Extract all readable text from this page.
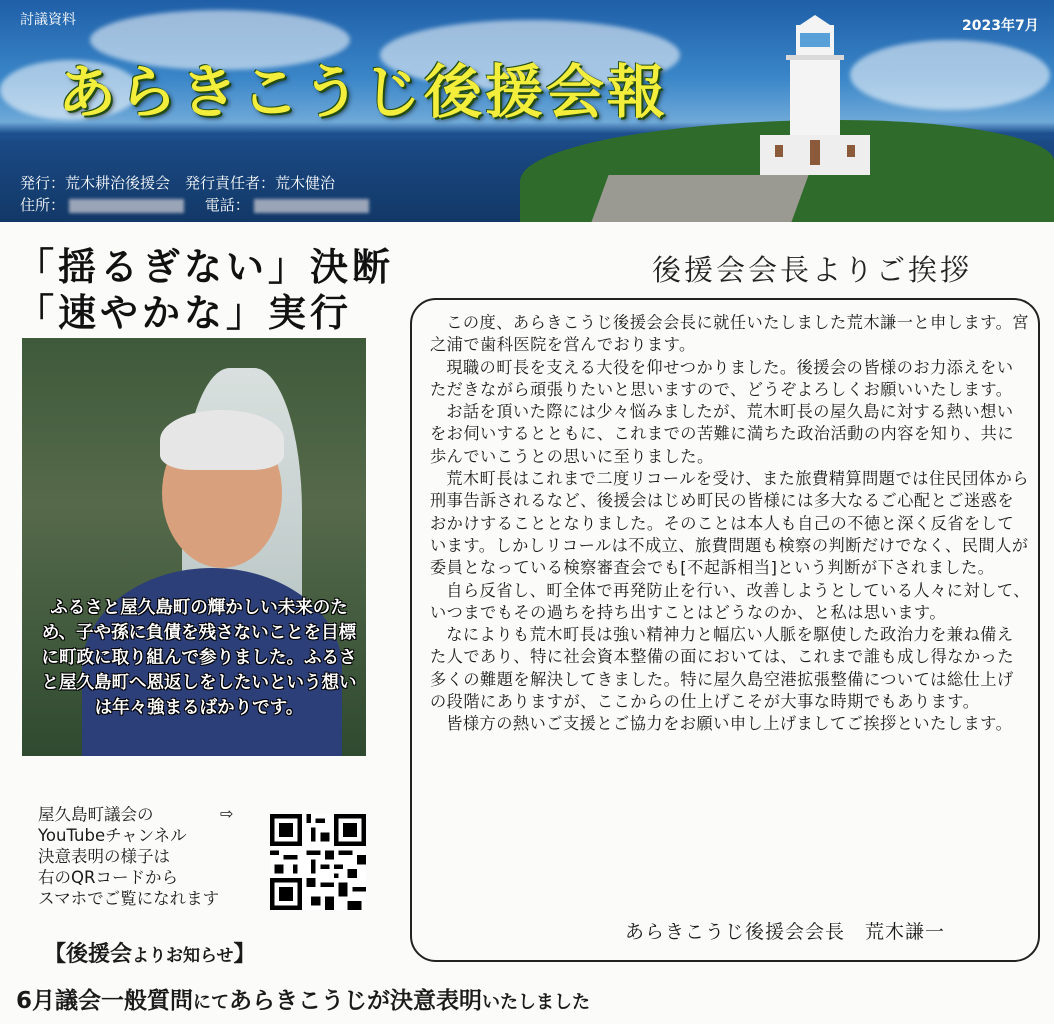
討議資料	2023年7月
あらきこうじ後援会報
発行：荒木耕治後援会　発行責任者：荒木健治
住所：	電話：
「揺るぎない」決断
「速やかな」実行
ふるさと屋久島町の輝かしい未来のため、子や孫に負債を残さないことを目標に町政に取り組んで参りました。ふるさと屋久島町へ恩返しをしたいという想いは年々強まるばかりです。
屋久島町議会の
YouTubeチャンネル
決意表明の様子は
右のQRコードから
スマホでご覧になれます
⇨
【後援会よりお知らせ】
6月議会一般質問にてあらきこうじが決意表明いたしました
後援会会長よりご挨拶

この度、あらきこうじ後援会会長に就任いたしました荒木謙一と申します。宮之浦で歯科医院を営んでおります。

現職の町長を支える大役を仰せつかりました。後援会の皆様のお力添えをいただきながら頑張りたいと思いますので、どうぞよろしくお願いいたします。

お話を頂いた際には少々悩みましたが、荒木町長の屋久島に対する熱い想いをお伺いするとともに、これまでの苦難に満ちた政治活動の内容を知り、共に歩んでいこうとの思いに至りました。

荒木町長はこれまで二度リコールを受け、また旅費精算問題では住民団体から刑事告訴されるなど、後援会はじめ町民の皆様には多大なるご心配とご迷惑をおかけすることとなりました。そのことは本人も自己の不徳と深く反省をしています。しかしリコールは不成立、旅費問題も検察の判断だけでなく、民間人が委員となっている検察審査会でも[不起訴相当]という判断が下されました。

自ら反省し、町全体で再発防止を行い、改善しようとしている人々に対して、いつまでもその過ちを持ち出すことはどうなのか、と私は思います。

なによりも荒木町長は強い精神力と幅広い人脈を駆使した政治力を兼ね備えた人であり、特に社会資本整備の面においては、これまで誰も成し得なかった多くの難題を解決してきました。特に屋久島空港拡張整備については総仕上げの段階にありますが、ここからの仕上げこそが大事な時期でもあります。

皆様方の熱いご支援とご協力をお願い申し上げましてご挨拶といたします。

あらきこうじ後援会会長　荒木謙一
